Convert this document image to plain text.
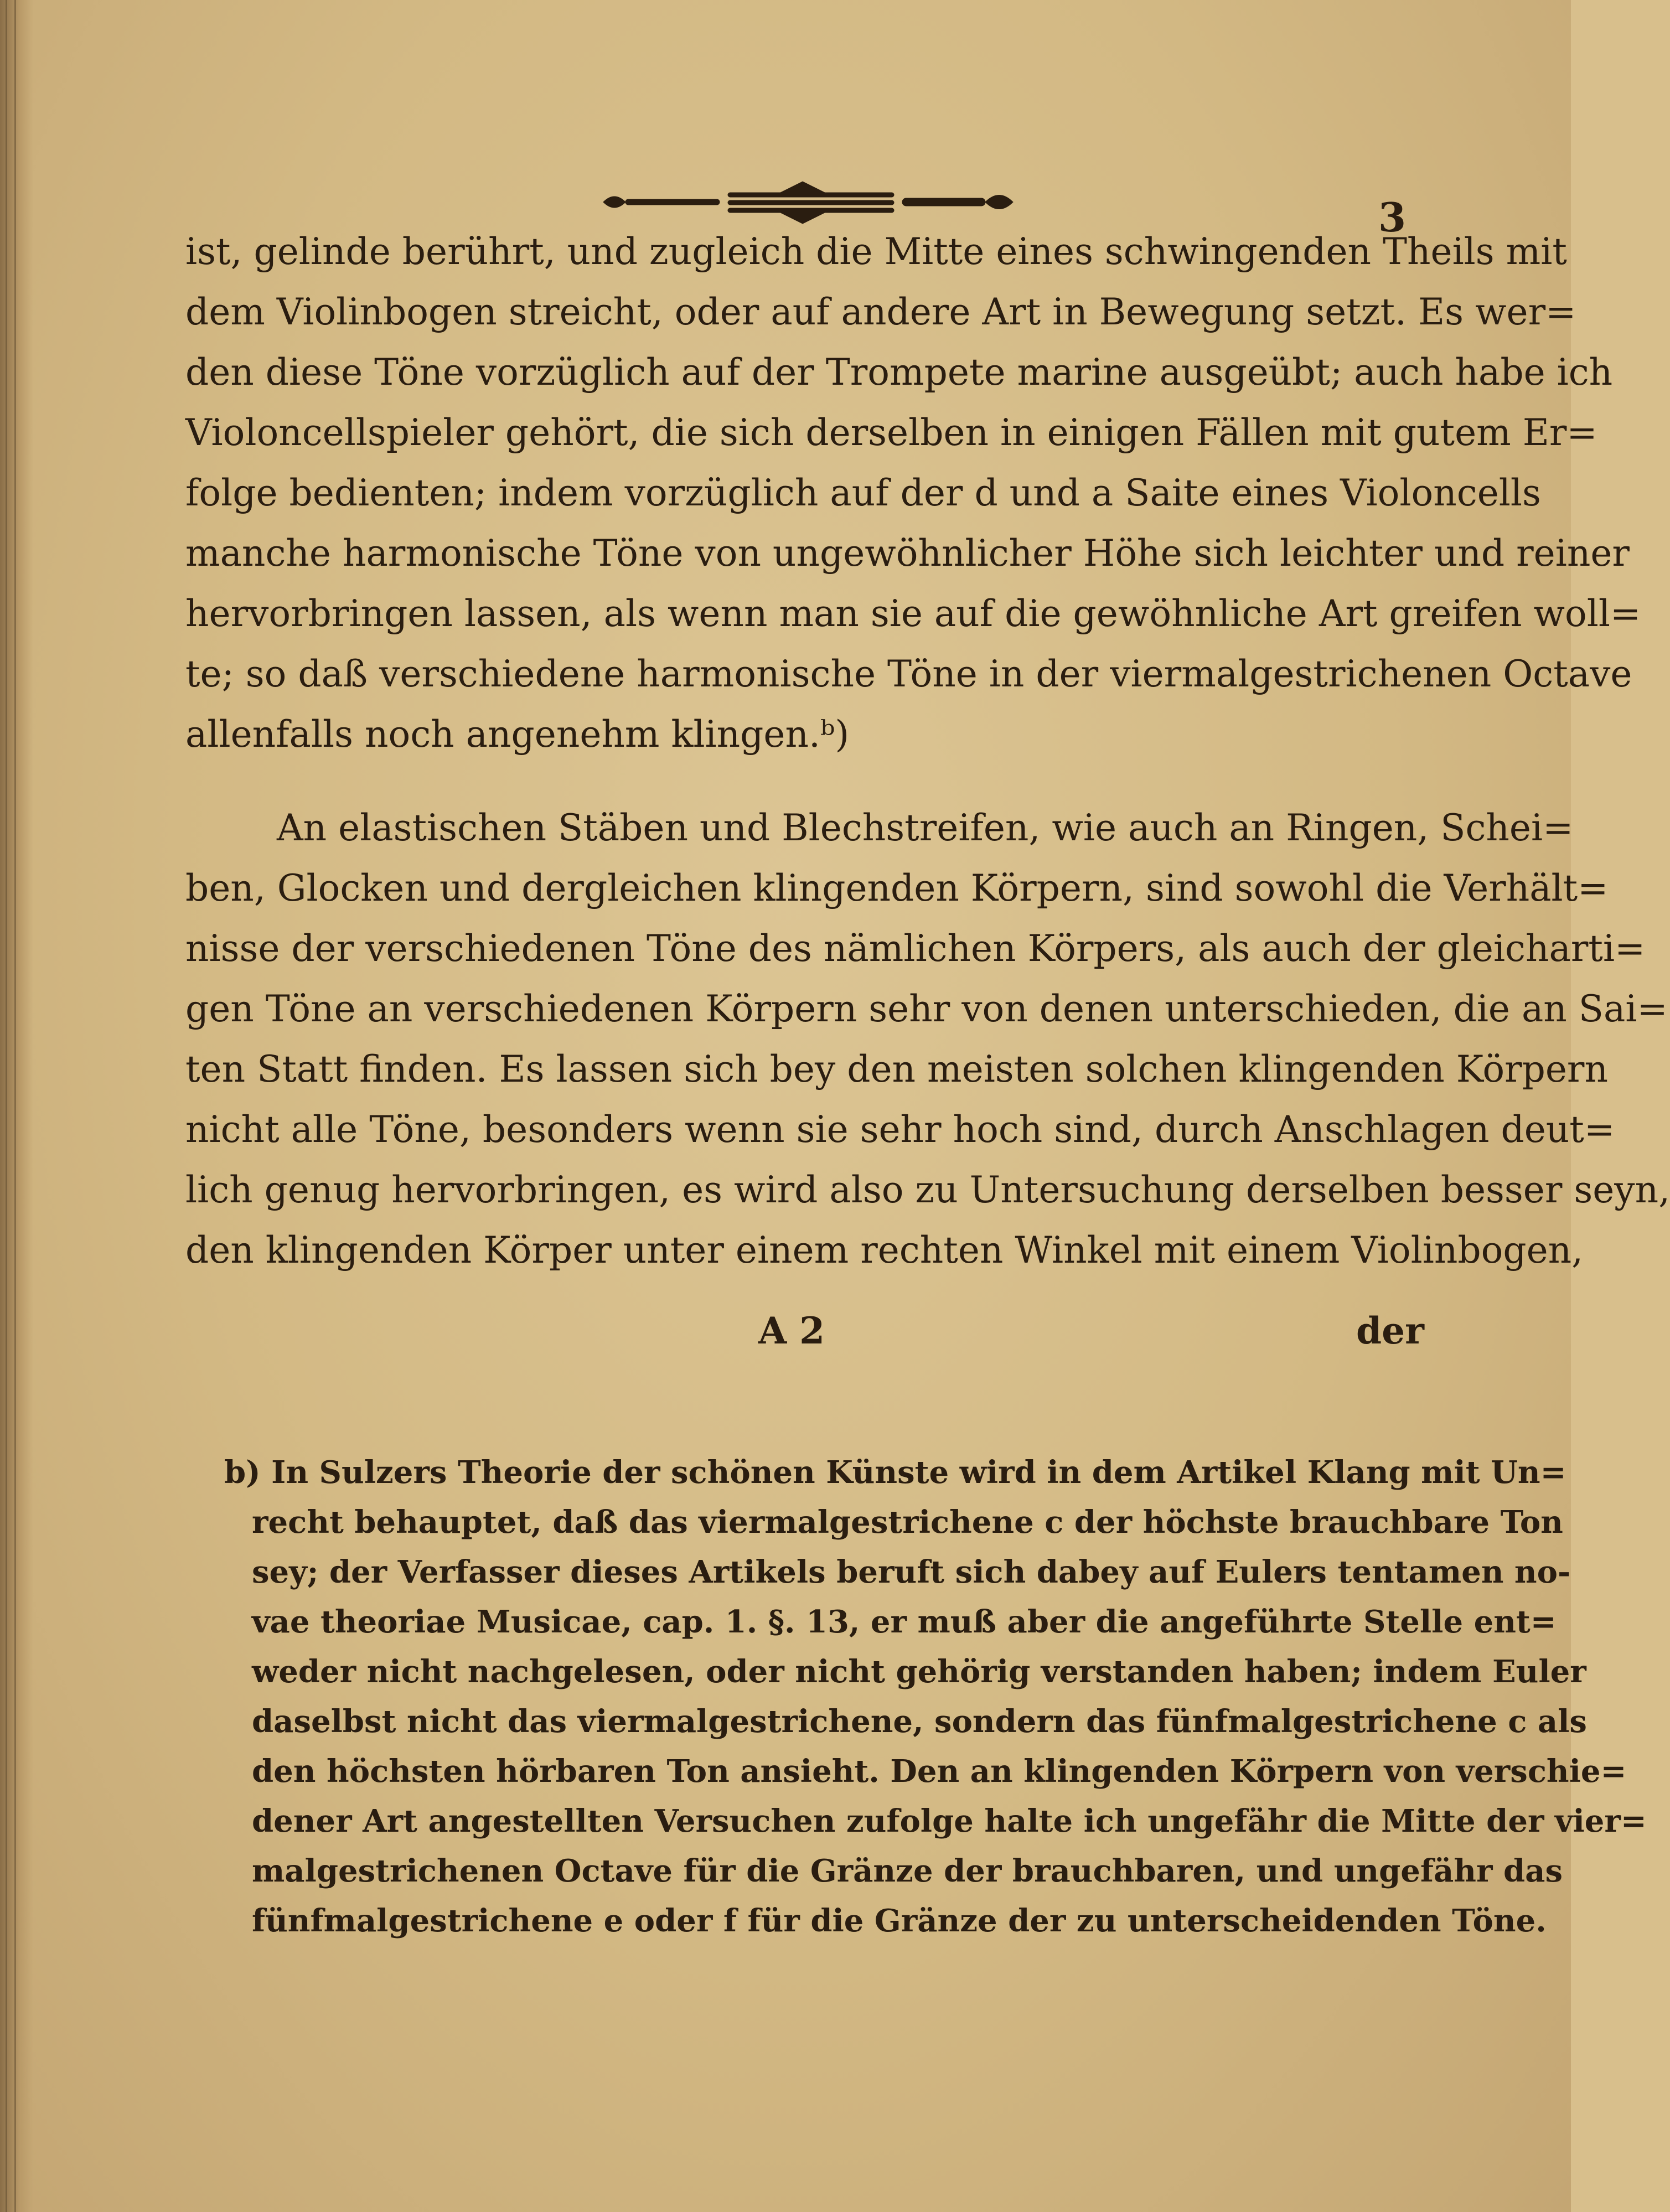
3
ist, gelinde berührt, und zugleich die Mitte eines schwingenden Theils mit
dem Violinbogen streicht, oder auf andere Art in Bewegung setzt. Es wer=
den diese Töne vorzüglich auf der Trompete marine ausgeübt; auch habe ich
Violoncellspieler gehört, die sich derselben in einigen Fällen mit gutem Er=
folge bedienten; indem vorzüglich auf der d und a Saite eines Violoncells
manche harmonische Töne von ungewöhnlicher Höhe sich leichter und reiner
hervorbringen lassen, als wenn man sie auf die gewöhnliche Art greifen woll=
te; so daß verschiedene harmonische Töne in der viermalgestrichenen Octave
allenfalls noch angenehm klingen.ᵇ)
An elastischen Stäben und Blechstreifen, wie auch an Ringen, Schei=
ben, Glocken und dergleichen klingenden Körpern, sind sowohl die Verhält=
nisse der verschiedenen Töne des nämlichen Körpers, als auch der gleicharti=
gen Töne an verschiedenen Körpern sehr von denen unterschieden, die an Sai=
ten Statt finden. Es lassen sich bey den meisten solchen klingenden Körpern
nicht alle Töne, besonders wenn sie sehr hoch sind, durch Anschlagen deut=
lich genug hervorbringen, es wird also zu Untersuchung derselben besser seyn,
den klingenden Körper unter einem rechten Winkel mit einem Violinbogen,
A 2	der
b) In Sulzers Theorie der schönen Künste wird in dem Artikel Klang mit Un=
recht behauptet, daß das viermalgestrichene c der höchste brauchbare Ton
sey; der Verfasser dieses Artikels beruft sich dabey auf Eulers tentamen no-
vae theoriae Musicae, cap. 1. §. 13, er muß aber die angeführte Stelle ent=
weder nicht nachgelesen, oder nicht gehörig verstanden haben; indem Euler
daselbst nicht das viermalgestrichene, sondern das fünfmalgestrichene c als
den höchsten hörbaren Ton ansieht. Den an klingenden Körpern von verschie=
dener Art angestellten Versuchen zufolge halte ich ungefähr die Mitte der vier=
malgestrichenen Octave für die Gränze der brauchbaren, und ungefähr das
fünfmalgestrichene e oder f für die Gränze der zu unterscheidenden Töne.
